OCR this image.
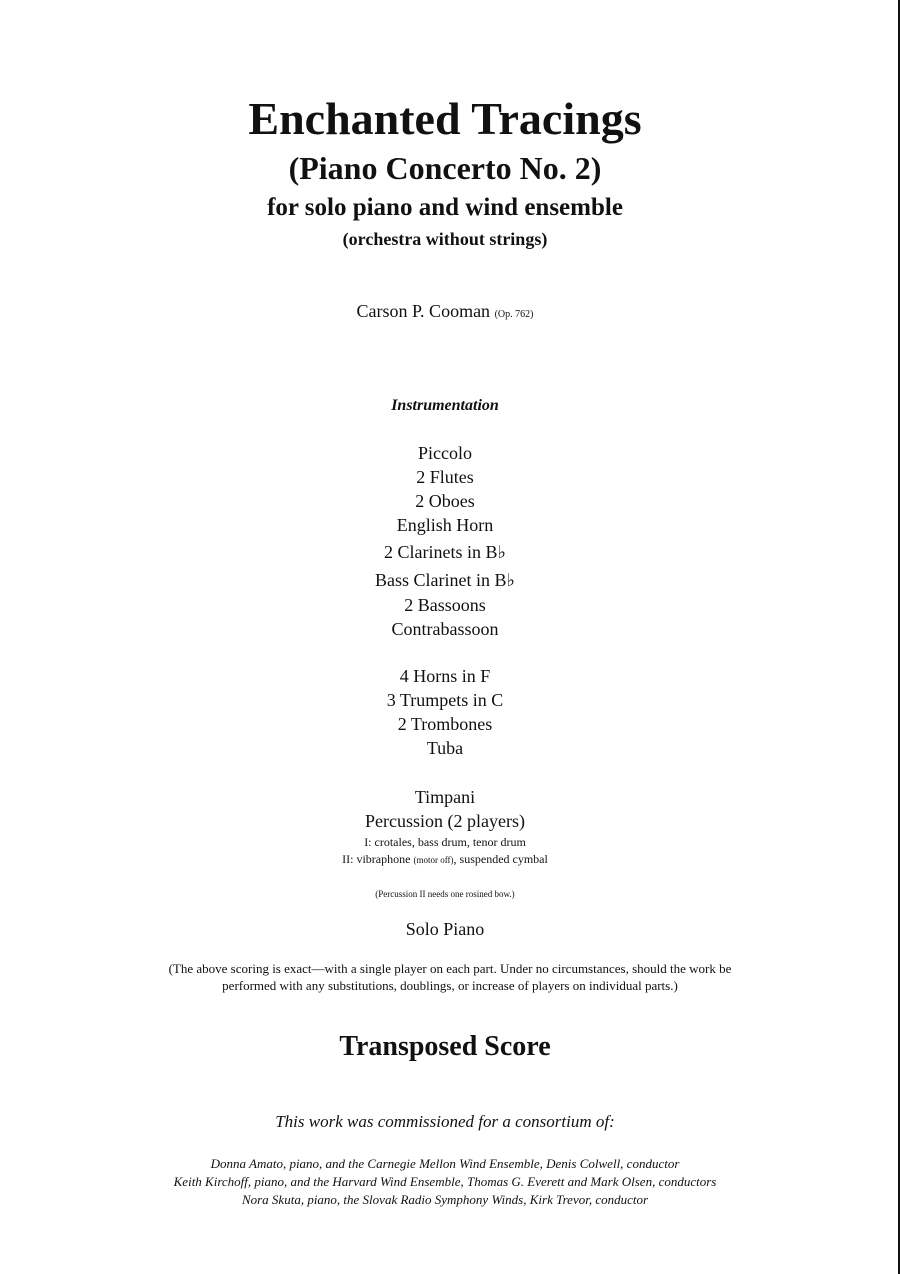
Enchanted Tracings
(Piano Concerto No. 2)
for solo piano and wind ensemble
(orchestra without strings)
Carson P. Cooman (Op. 762)
Instrumentation
Piccolo
2 Flutes
2 Oboes
English Horn
2 Clarinets in B♭
Bass Clarinet in B♭
2 Bassoons
Contrabassoon
4 Horns in F
3 Trumpets in C
2 Trombones
Tuba
Timpani
Percussion (2 players)
I: crotales, bass drum, tenor drum
II: vibraphone (motor off), suspended cymbal
(Percussion II needs one rosined bow.)
Solo Piano
(The above scoring is exact—with a single player on each part. Under no circumstances, should the work be performed with any substitutions, doublings, or increase of players on individual parts.)
Transposed Score
This work was commissioned for a consortium of:
Donna Amato, piano, and the Carnegie Mellon Wind Ensemble, Denis Colwell, conductor
Keith Kirchoff, piano, and the Harvard Wind Ensemble, Thomas G. Everett and Mark Olsen, conductors
Nora Skuta, piano, the Slovak Radio Symphony Winds, Kirk Trevor, conductor
